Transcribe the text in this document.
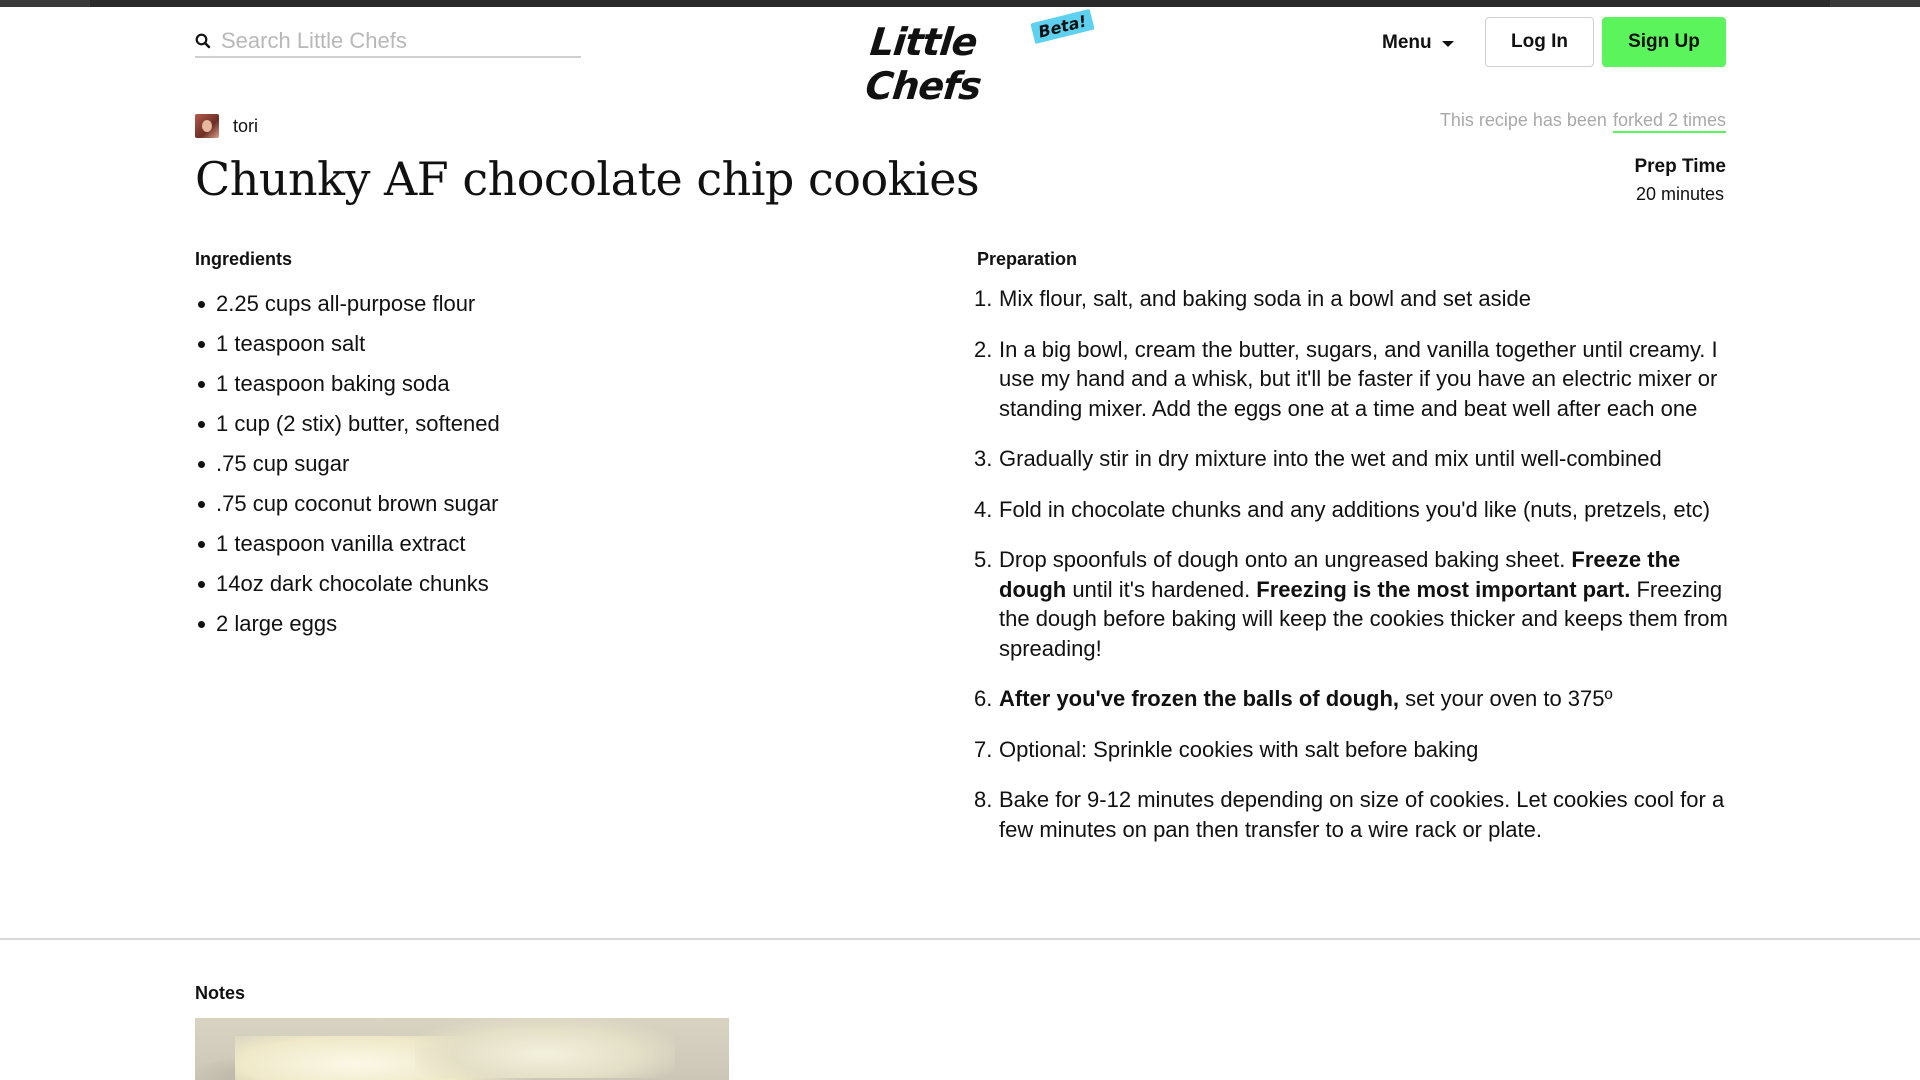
Search Little Chefs
Little Chefs
Beta!
Menu	Log In	Sign Up
tori	This recipe has been forked 2 times
Chunky AF chocolate chip cookies	Prep Time
20 minutes
Ingredients
2.25 cups all-purpose flour
1 teaspoon salt
1 teaspoon baking soda
1 cup (2 stix) butter, softened
.75 cup sugar
.75 cup coconut brown sugar
1 teaspoon vanilla extract
14oz dark chocolate chunks
2 large eggs
Preparation
1. Mix flour, salt, and baking soda in a bowl and set aside
2. In a big bowl, cream the butter, sugars, and vanilla together until creamy. I use my hand and a whisk, but it'll be faster if you have an electric mixer or standing mixer. Add the eggs one at a time and beat well after each one
3. Gradually stir in dry mixture into the wet and mix until well-combined
4. Fold in chocolate chunks and any additions you'd like (nuts, pretzels, etc)
5. Drop spoonfuls of dough onto an ungreased baking sheet. Freeze the dough until it's hardened. Freezing is the most important part. Freezing the dough before baking will keep the cookies thicker and keeps them from spreading!
6. After you've frozen the balls of dough, set your oven to 375º
7. Optional: Sprinkle cookies with salt before baking
8. Bake for 9-12 minutes depending on size of cookies. Let cookies cool for a few minutes on pan then transfer to a wire rack or plate.
Notes
